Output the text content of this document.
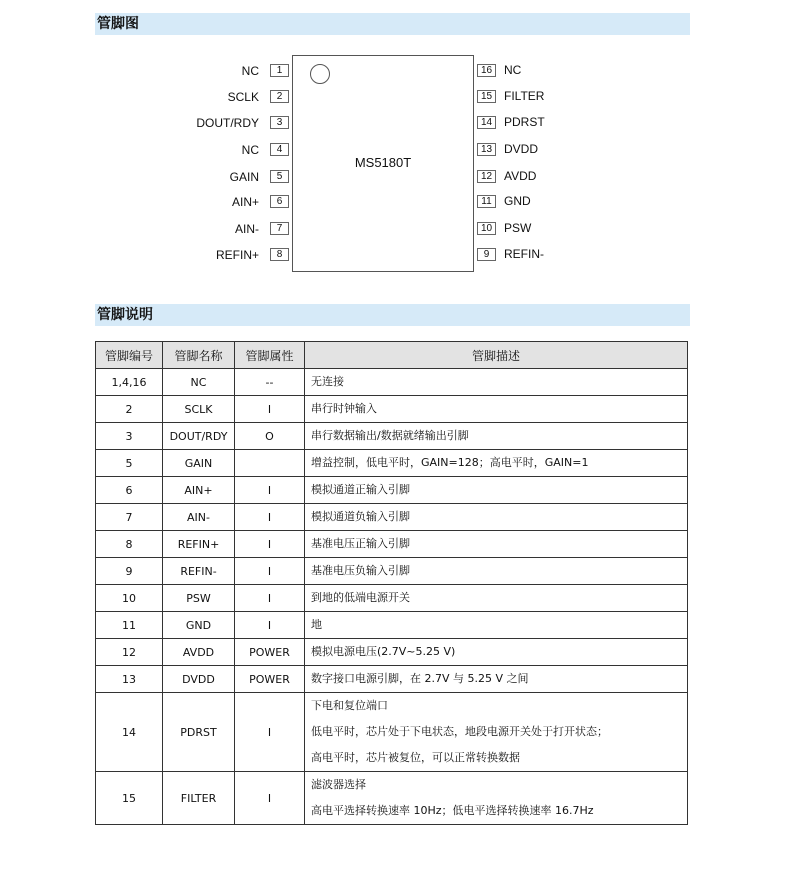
管脚图
MS5180T
NC	1
SCLK	2
DOUT/RDY	3
NC	4
GAIN	5
AIN+	6
AIN-	7
REFIN+	8
16 NC
15 FILTER
14 PDRST
13 DVDD
12 AVDD
11	GND
10 PSW
9	REFIN-
管脚说明
管脚编号	管脚名称	管脚属性	管脚描述
1,4,16	NC	--	无连接

2	SCLK	I	串行时钟输入

3	DOUT/RDY	O	串行数据输出/数据就绪输出引脚

5	GAIN		增益控制，低电平时，GAIN=128；高电平时，GAIN=1

6	AIN+	I	模拟通道正输入引脚

7	AIN-	I	模拟通道负输入引脚

8	REFIN+	I	基准电压正输入引脚

9	REFIN-	I	基准电压负输入引脚

10	PSW	I	到地的低端电源开关

11	GND	I	地

12	AVDD	POWER	模拟电源电压(2.7V~5.25 V)

13	DVDD	POWER	数字接口电源引脚，在 2.7V 与 5.25 V 之间

14	PDRST	I	下电和复位端口
低电平时，芯片处于下电状态，地段电源开关处于打开状态；
高电平时，芯片被复位，可以正常转换数据

15	FILTER	I	滤波器选择
高电平选择转换速率 10Hz；低电平选择转换速率 16.7Hz
